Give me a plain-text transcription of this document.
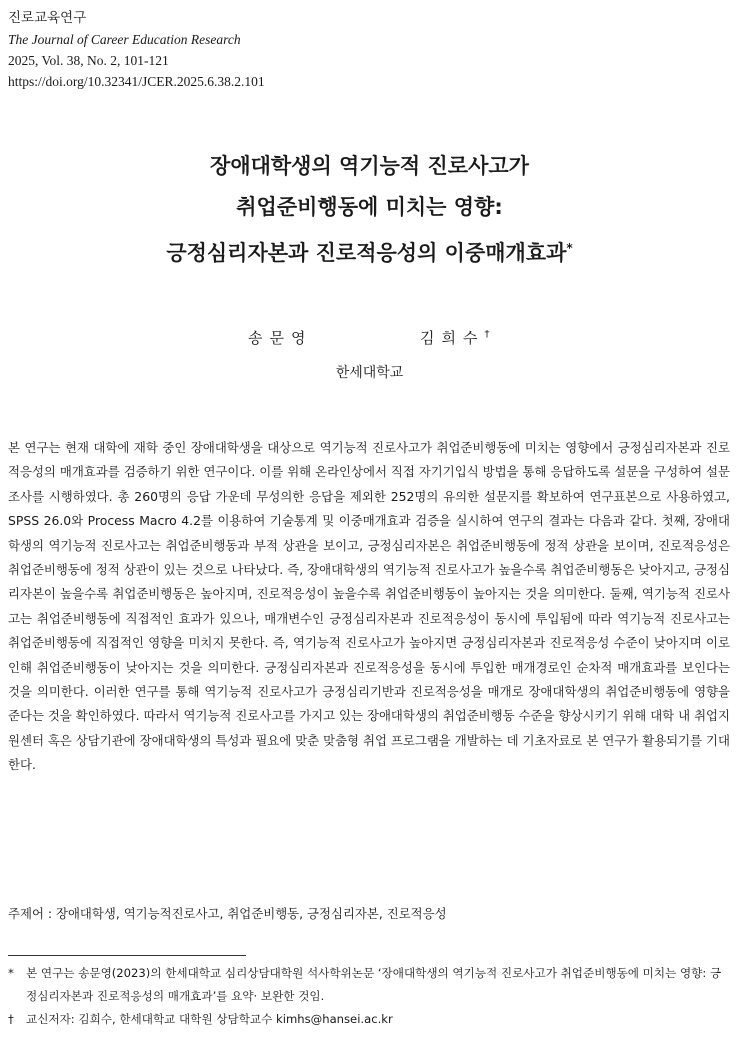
진로교육연구
The Journal of Career Education Research
2025, Vol. 38, No. 2, 101-121
https://doi.org/10.32341/JCER.2025.6.38.2.101
장애대학생의 역기능적 진로사고가
취업준비행동에 미치는 영향:
긍정심리자본과 진로적응성의 이중매개효과*
송문영	김희수†
한세대학교
본 연구는 현재 대학에 재학 중인 장애대학생을 대상으로 역기능적 진로사고가 취업준비행동에 미치는 영향에서 긍정심리자본과 진로적응성의 매개효과를 검증하기 위한 연구이다. 이를 위해 온라인상에서 직접 자기기입식 방법을 통해 응답하도록 설문을 구성하여 설문조사를 시행하였다. 총 260명의 응답 가운데 무성의한 응답을 제외한 252명의 유의한 설문지를 확보하여 연구표본으로 사용하였고, SPSS 26.0와 Process Macro 4.2를 이용하여 기술통계 및 이중매개효과 검증을 실시하여 연구의 결과는 다음과 같다. 첫째, 장애대학생의 역기능적 진로사고는 취업준비행동과 부적 상관을 보이고, 긍정심리자본은 취업준비행동에 정적 상관을 보이며, 진로적응성은 취업준비행동에 정적 상관이 있는 것으로 나타났다. 즉, 장애대학생의 역기능적 진로사고가 높을수록 취업준비행동은 낮아지고, 긍정심리자본이 높을수록 취업준비행동은 높아지며, 진로적응성이 높을수록 취업준비행동이 높아지는 것을 의미한다. 둘째, 역기능적 진로사고는 취업준비행동에 직접적인 효과가 있으나, 매개변수인 긍정심리자본과 진로적응성이 동시에 투입됨에 따라 역기능적 진로사고는 취업준비행동에 직접적인 영향을 미치지 못한다. 즉, 역기능적 진로사고가 높아지면 긍정심리자본과 진로적응성 수준이 낮아지며 이로 인해 취업준비행동이 낮아지는 것을 의미한다. 긍정심리자본과 진로적응성을 동시에 투입한 매개경로인 순차적 매개효과를 보인다는 것을 의미한다. 이러한 연구를 통해 역기능적 진로사고가 긍정심리기반과 진로적응성을 매개로 장애대학생의 취업준비행동에 영향을 준다는 것을 확인하였다. 따라서 역기능적 진로사고를 가지고 있는 장애대학생의 취업준비행동 수준을 향상시키기 위해 대학 내 취업지원센터 혹은 상담기관에 장애대학생의 특성과 필요에 맞춘 맞춤형 취업 프로그램을 개발하는 데 기초자료로 본 연구가 활용되기를 기대한다.
주제어 : 장애대학생, 역기능적진로사고, 취업준비행동, 긍정심리자본, 진로적응성
* 본 연구는 송문영(2023)의 한세대학교 심리상담대학원 석사학위논문 ‘장애대학생의 역기능적 진로사고가 취업준비행동에 미치는 영향: 긍정심리자본과 진로적응성의 매개효과’를 요약· 보완한 것임.
† 교신저자: 김희수, 한세대학교 대학원 상담학교수 kimhs@hansei.ac.kr
